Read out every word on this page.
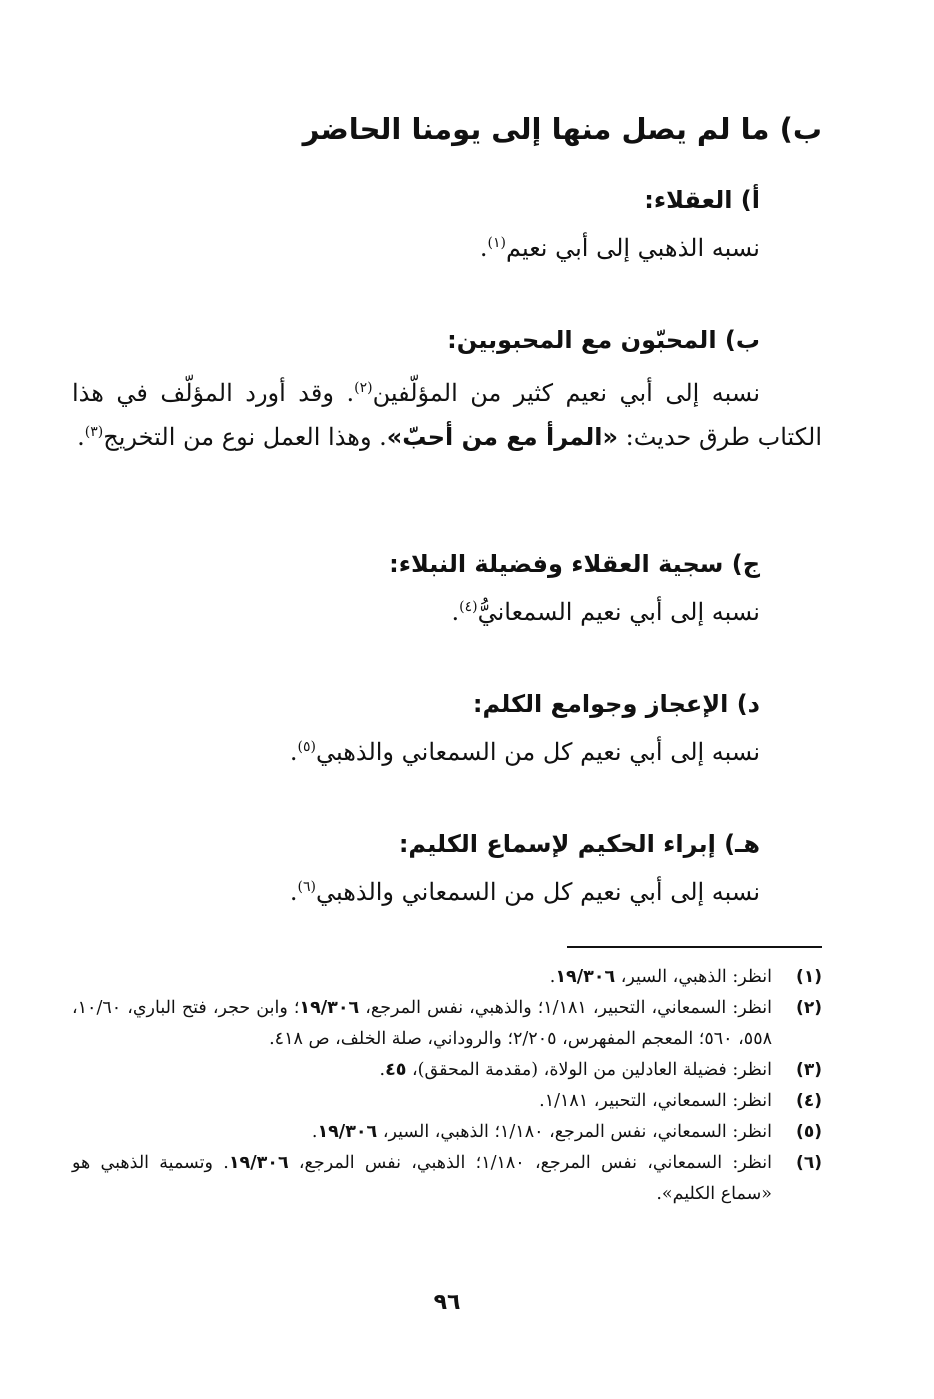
ب) ما لم يصل منها إلى يومنا الحاضر
أ) العقلاء:

نسبه الذهبي إلى أبي نعيم$^{(١)}$.

ب) المحبّون مع المحبوبين:

نسبه إلى أبي نعيم كثير من المؤلّفين$^{(٢)}$. وقد أورد المؤلّف في هذا الكتاب طرق حديث: «المرأ مع من أحبّ». وهذا العمل نوع من التخريج$^{(٣)}$.

ج) سجية العقلاء وفضيلة النبلاء:

نسبه إلى أبي نعيم السمعانيُّ$^{(٤)}$.

د) الإعجاز وجوامع الكلم:

نسبه إلى أبي نعيم كل من السمعاني والذهبي$^{(٥)}$.

هـ) إبراء الحكيم لإسماع الكليم:

نسبه إلى أبي نعيم كل من السمعاني والذهبي$^{(٦)}$.

(١)
انظر: الذهبي، السير، ١٩/٣٠٦.
(٢)
انظر: السمعاني، التحبير، ١/١٨١؛ والذهبي، نفس المرجع، ١٩/٣٠٦؛ وابن حجر، فتح الباري، ١٠/٦٠، ٥٥٨، ٥٦٠؛ المعجم المفهرس، ٢/٢٠٥؛ والروداني، صلة الخلف، ص ٤١٨.
(٣)
انظر: فضيلة العادلين من الولاة، (مقدمة المحقق)، ٤٥.
(٤)
انظر: السمعاني، التحبير، ١/١٨١.
(٥)
انظر: السمعاني، نفس المرجع، ١/١٨٠؛ الذهبي، السير، ١٩/٣٠٦.
(٦)
انظر: السمعاني، نفس المرجع، ١/١٨٠؛ الذهبي، نفس المرجع، ١٩/٣٠٦. وتسمية الذهبي هو «سماع الكليم».

٩٦
